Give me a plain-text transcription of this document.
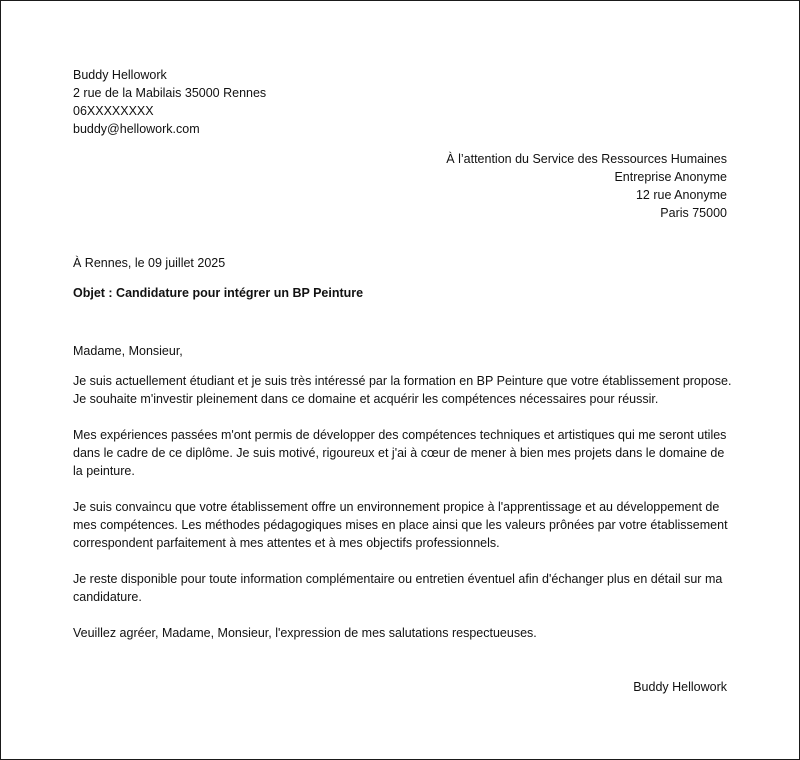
Buddy Hellowork

2 rue de la Mabilais 35000 Rennes

06XXXXXXXX

buddy@hellowork.com

À l’attention du Service des Ressources Humaines

Entreprise Anonyme

12 rue Anonyme

Paris 75000

À Rennes, le 09 juillet 2025

Objet : Candidature pour intégrer un BP Peinture

Madame, Monsieur,

Je suis actuellement étudiant et je suis très intéressé par la formation en BP Peinture que votre établissement propose. Je souhaite m'investir pleinement dans ce domaine et acquérir les compétences nécessaires pour réussir.

Mes expériences passées m'ont permis de développer des compétences techniques et artistiques qui me seront utiles dans le cadre de ce diplôme. Je suis motivé, rigoureux et j'ai à cœur de mener à bien mes projets dans le domaine de la peinture.

Je suis convaincu que votre établissement offre un environnement propice à l'apprentissage et au développement de mes compétences. Les méthodes pédagogiques mises en place ainsi que les valeurs prônées par votre établissement correspondent parfaitement à mes attentes et à mes objectifs professionnels.

Je reste disponible pour toute information complémentaire ou entretien éventuel afin d'échanger plus en détail sur ma candidature.

Veuillez agréer, Madame, Monsieur, l'expression de mes salutations respectueuses.

Buddy Hellowork
